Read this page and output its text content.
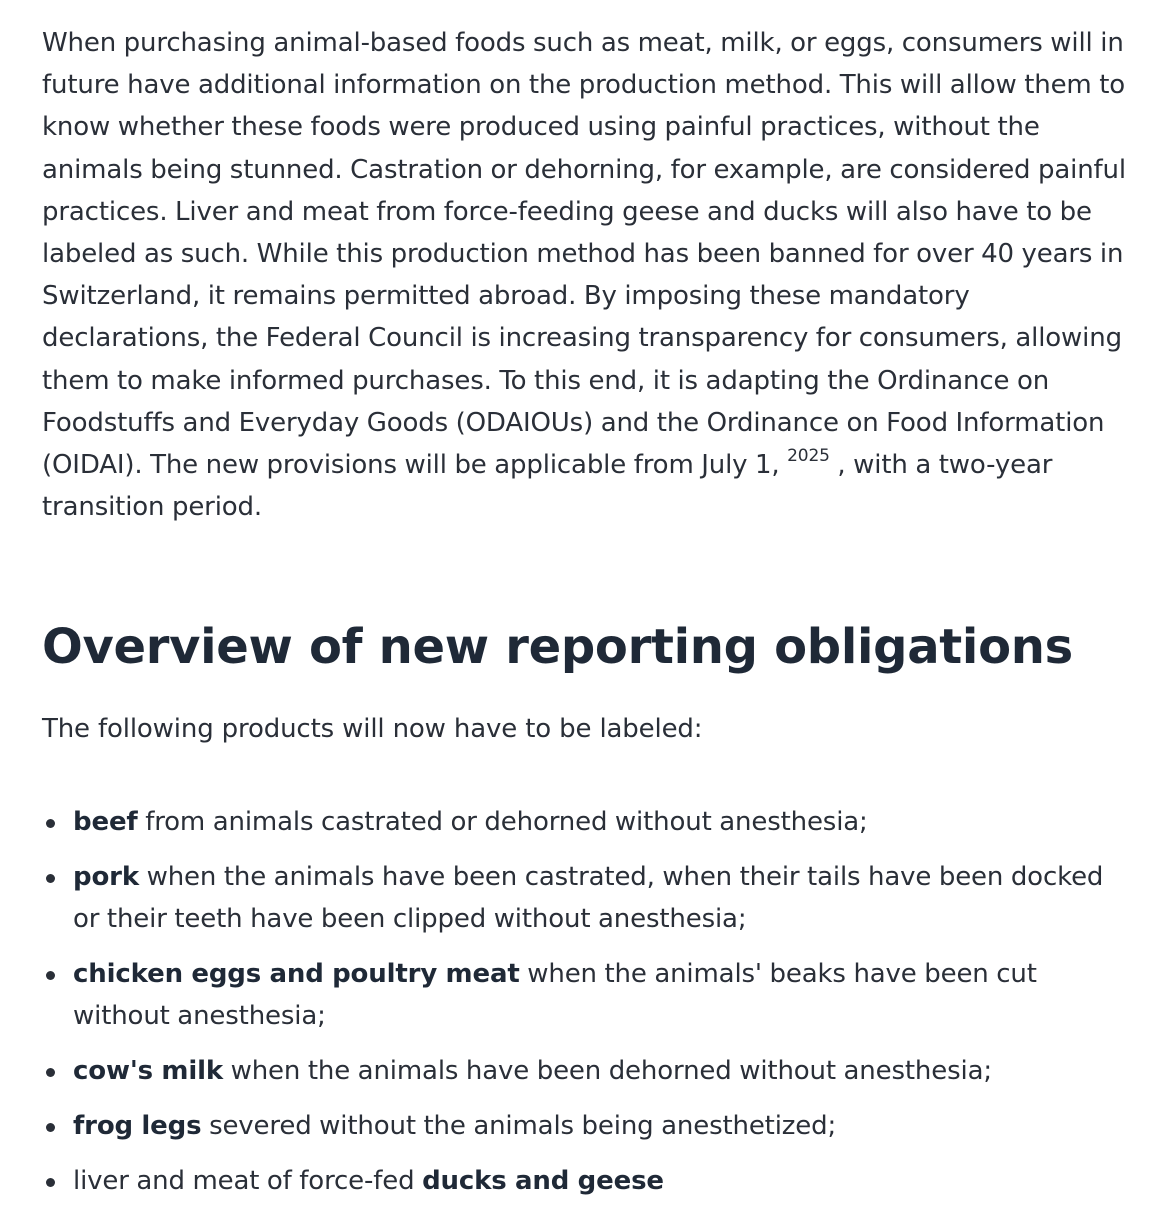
When purchasing animal-based foods such as meat, milk, or eggs, consumers will in future have additional information on the production method. This will allow them to know whether these foods were produced using painful practices, without the animals being stunned. Castration or dehorning, for example, are considered painful practices. Liver and meat from force-feeding geese and ducks will also have to be labeled as such. While this production method has been banned for over 40 years in Switzerland, it remains permitted abroad. By imposing these mandatory declarations, the Federal Council is increasing transparency for consumers, allowing them to make informed purchases. To this end, it is adapting the Ordinance on Foodstuffs and Everyday Goods (ODAIOUs) and the Ordinance on Food Information (OIDAI). The new provisions will be applicable from July 1, $^{2025}$ , with a two-year transition period.

Overview of new reporting obligations

The following products will now have to be labeled:

beef from animals castrated or dehorned without anesthesia;
pork when the animals have been castrated, when their tails have been docked or their teeth have been clipped without anesthesia;
chicken eggs and poultry meat when the animals' beaks have been cut without anesthesia;
cow's milk when the animals have been dehorned without anesthesia;
frog legs severed without the animals being anesthetized;
liver and meat of force-fed ducks and geese
